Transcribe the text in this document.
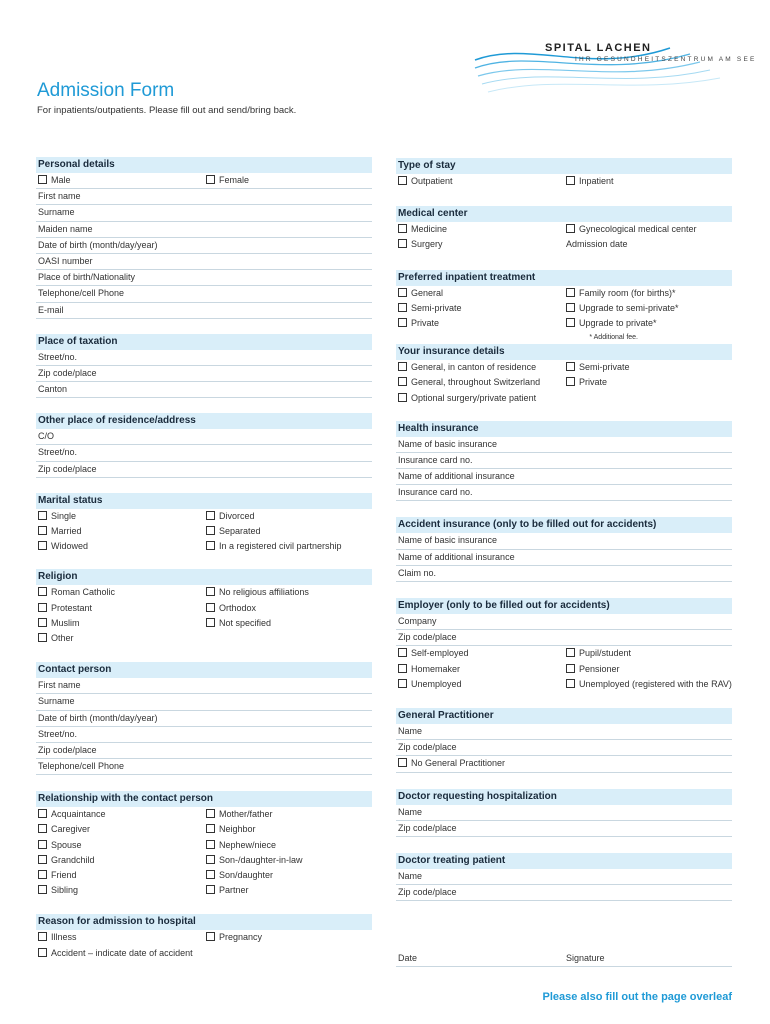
SPITAL LACHEN
IHR GESUNDHEITSZENTRUM AM SEE
Admission Form
For inpatients/outpatients. Please fill out and send/bring back.
Personal details
Male	Female
First name
Surname
Maiden name
Date of birth (month/day/year)
OASI number
Place of birth/Nationality
Telephone/cell Phone
E-mail
Place of taxation
Street/no.
Zip code/place
Canton
Other place of residence/address
C/O
Street/no.
Zip code/place
Marital status
Single	Divorced
Married	Separated
Widowed	In a registered civil partnership
Religion
Roman Catholic	No religious affiliations
Protestant	Orthodox
Muslim	Not specified
Other
Contact person
First name
Surname
Date of birth (month/day/year)
Street/no.
Zip code/place
Telephone/cell Phone
Relationship with the contact person
Acquaintance	Mother/father
Caregiver	Neighbor
Spouse	Nephew/niece
Grandchild	Son-/daughter-in-law
Friend	Son/daughter
Sibling	Partner
Reason for admission to hospital
Illness	Pregnancy
Accident – indicate date of accident
Type of stay
Outpatient	Inpatient
Medical center
Medicine	Gynecological medical center
Surgery	Admission date
Preferred inpatient treatment
General	Family room (for births)*
Semi-private	Upgrade to semi-private*
Private	Upgrade to private*
* Additional fee.
Your insurance details
General, in canton of residence	Semi-private
General, throughout Switzerland	Private
Optional surgery/private patient
Health insurance
Name of basic insurance
Insurance card no.
Name of additional insurance
Insurance card no.
Accident insurance (only to be filled out for accidents)
Name of basic insurance
Name of additional insurance
Claim no.
Employer (only to be filled out for accidents)
Company
Zip code/place
Self-employed	Pupil/student
Homemaker	Pensioner
Unemployed	Unemployed (registered with the RAV)
General Practitioner
Name
Zip code/place
No General Practitioner
Doctor requesting hospitalization
Name
Zip code/place
Doctor treating patient
Name
Zip code/place
Date	Signature
Please also fill out the page overleaf
